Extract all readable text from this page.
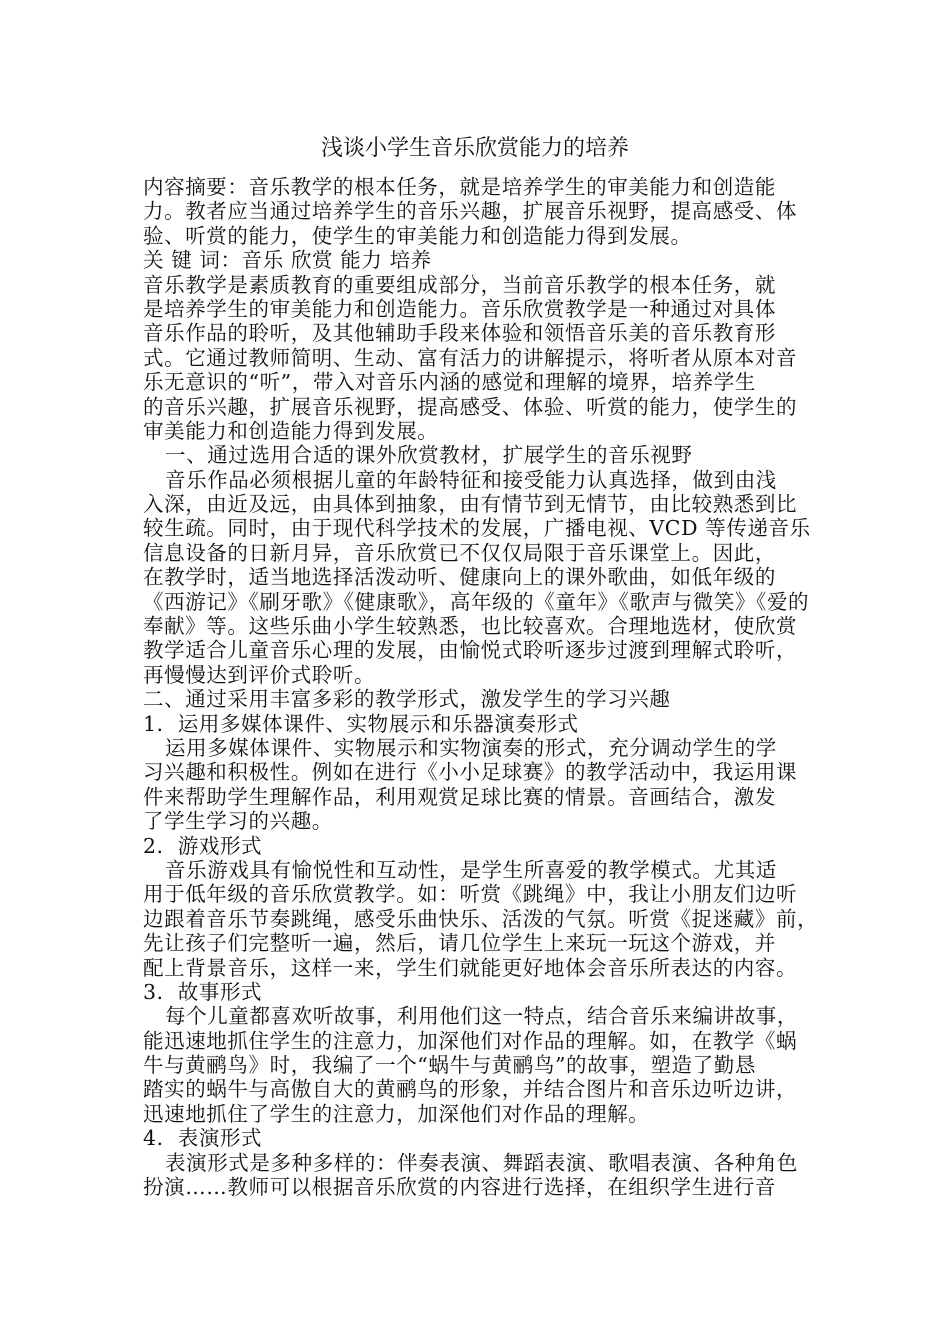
浅谈小学生音乐欣赏能力的培养
内容摘要：音乐教学的根本任务，就是培养学生的审美能力和创造能
力。教者应当通过培养学生的音乐兴趣，扩展音乐视野，提高感受、体
验、听赏的能力，使学生的审美能力和创造能力得到发展。
关 键 词：音乐 欣赏 能力 培养
音乐教学是素质教育的重要组成部分，当前音乐教学的根本任务，就
是培养学生的审美能力和创造能力。音乐欣赏教学是一种通过对具体
音乐作品的聆听，及其他辅助手段来体验和领悟音乐美的音乐教育形
式。它通过教师简明、生动、富有活力的讲解提示，将听者从原本对音
乐无意识的“听”，带入对音乐内涵的感觉和理解的境界，培养学生
的音乐兴趣，扩展音乐视野，提高感受、体验、听赏的能力，使学生的
审美能力和创造能力得到发展。
一、通过选用合适的课外欣赏教材，扩展学生的音乐视野
音乐作品必须根据儿童的年龄特征和接受能力认真选择，做到由浅
入深，由近及远，由具体到抽象，由有情节到无情节，由比较熟悉到比
较生疏。同时，由于现代科学技术的发展，广播电视、VCD 等传递音乐
信息设备的日新月异，音乐欣赏已不仅仅局限于音乐课堂上。因此，
在教学时，适当地选择活泼动听、健康向上的课外歌曲，如低年级的
《西游记》《刷牙歌》《健康歌》，高年级的《童年》《歌声与微笑》《爱的
奉献》等。这些乐曲小学生较熟悉，也比较喜欢。合理地选材，使欣赏
教学适合儿童音乐心理的发展，由愉悦式聆听逐步过渡到理解式聆听，
再慢慢达到评价式聆听。
二、通过采用丰富多彩的教学形式，激发学生的学习兴趣
1．运用多媒体课件、实物展示和乐器演奏形式
运用多媒体课件、实物展示和实物演奏的形式，充分调动学生的学
习兴趣和积极性。例如在进行《小小足球赛》的教学活动中，我运用课
件来帮助学生理解作品，利用观赏足球比赛的情景。音画结合，激发
了学生学习的兴趣。
2．游戏形式
音乐游戏具有愉悦性和互动性，是学生所喜爱的教学模式。尤其适
用于低年级的音乐欣赏教学。如：听赏《跳绳》中，我让小朋友们边听
边跟着音乐节奏跳绳，感受乐曲快乐、活泼的气氛。听赏《捉迷藏》前，
先让孩子们完整听一遍，然后，请几位学生上来玩一玩这个游戏，并
配上背景音乐，这样一来，学生们就能更好地体会音乐所表达的内容。
3．故事形式
每个儿童都喜欢听故事，利用他们这一特点，结合音乐来编讲故事，
能迅速地抓住学生的注意力，加深他们对作品的理解。如，在教学《蜗
牛与黄鹂鸟》时，我编了一个“蜗牛与黄鹂鸟”的故事，塑造了勤恳
踏实的蜗牛与高傲自大的黄鹂鸟的形象，并结合图片和音乐边听边讲，
迅速地抓住了学生的注意力，加深他们对作品的理解。
4．表演形式
表演形式是多种多样的：伴奏表演、舞蹈表演、歌唱表演、各种角色
扮演……教师可以根据音乐欣赏的内容进行选择，在组织学生进行音
